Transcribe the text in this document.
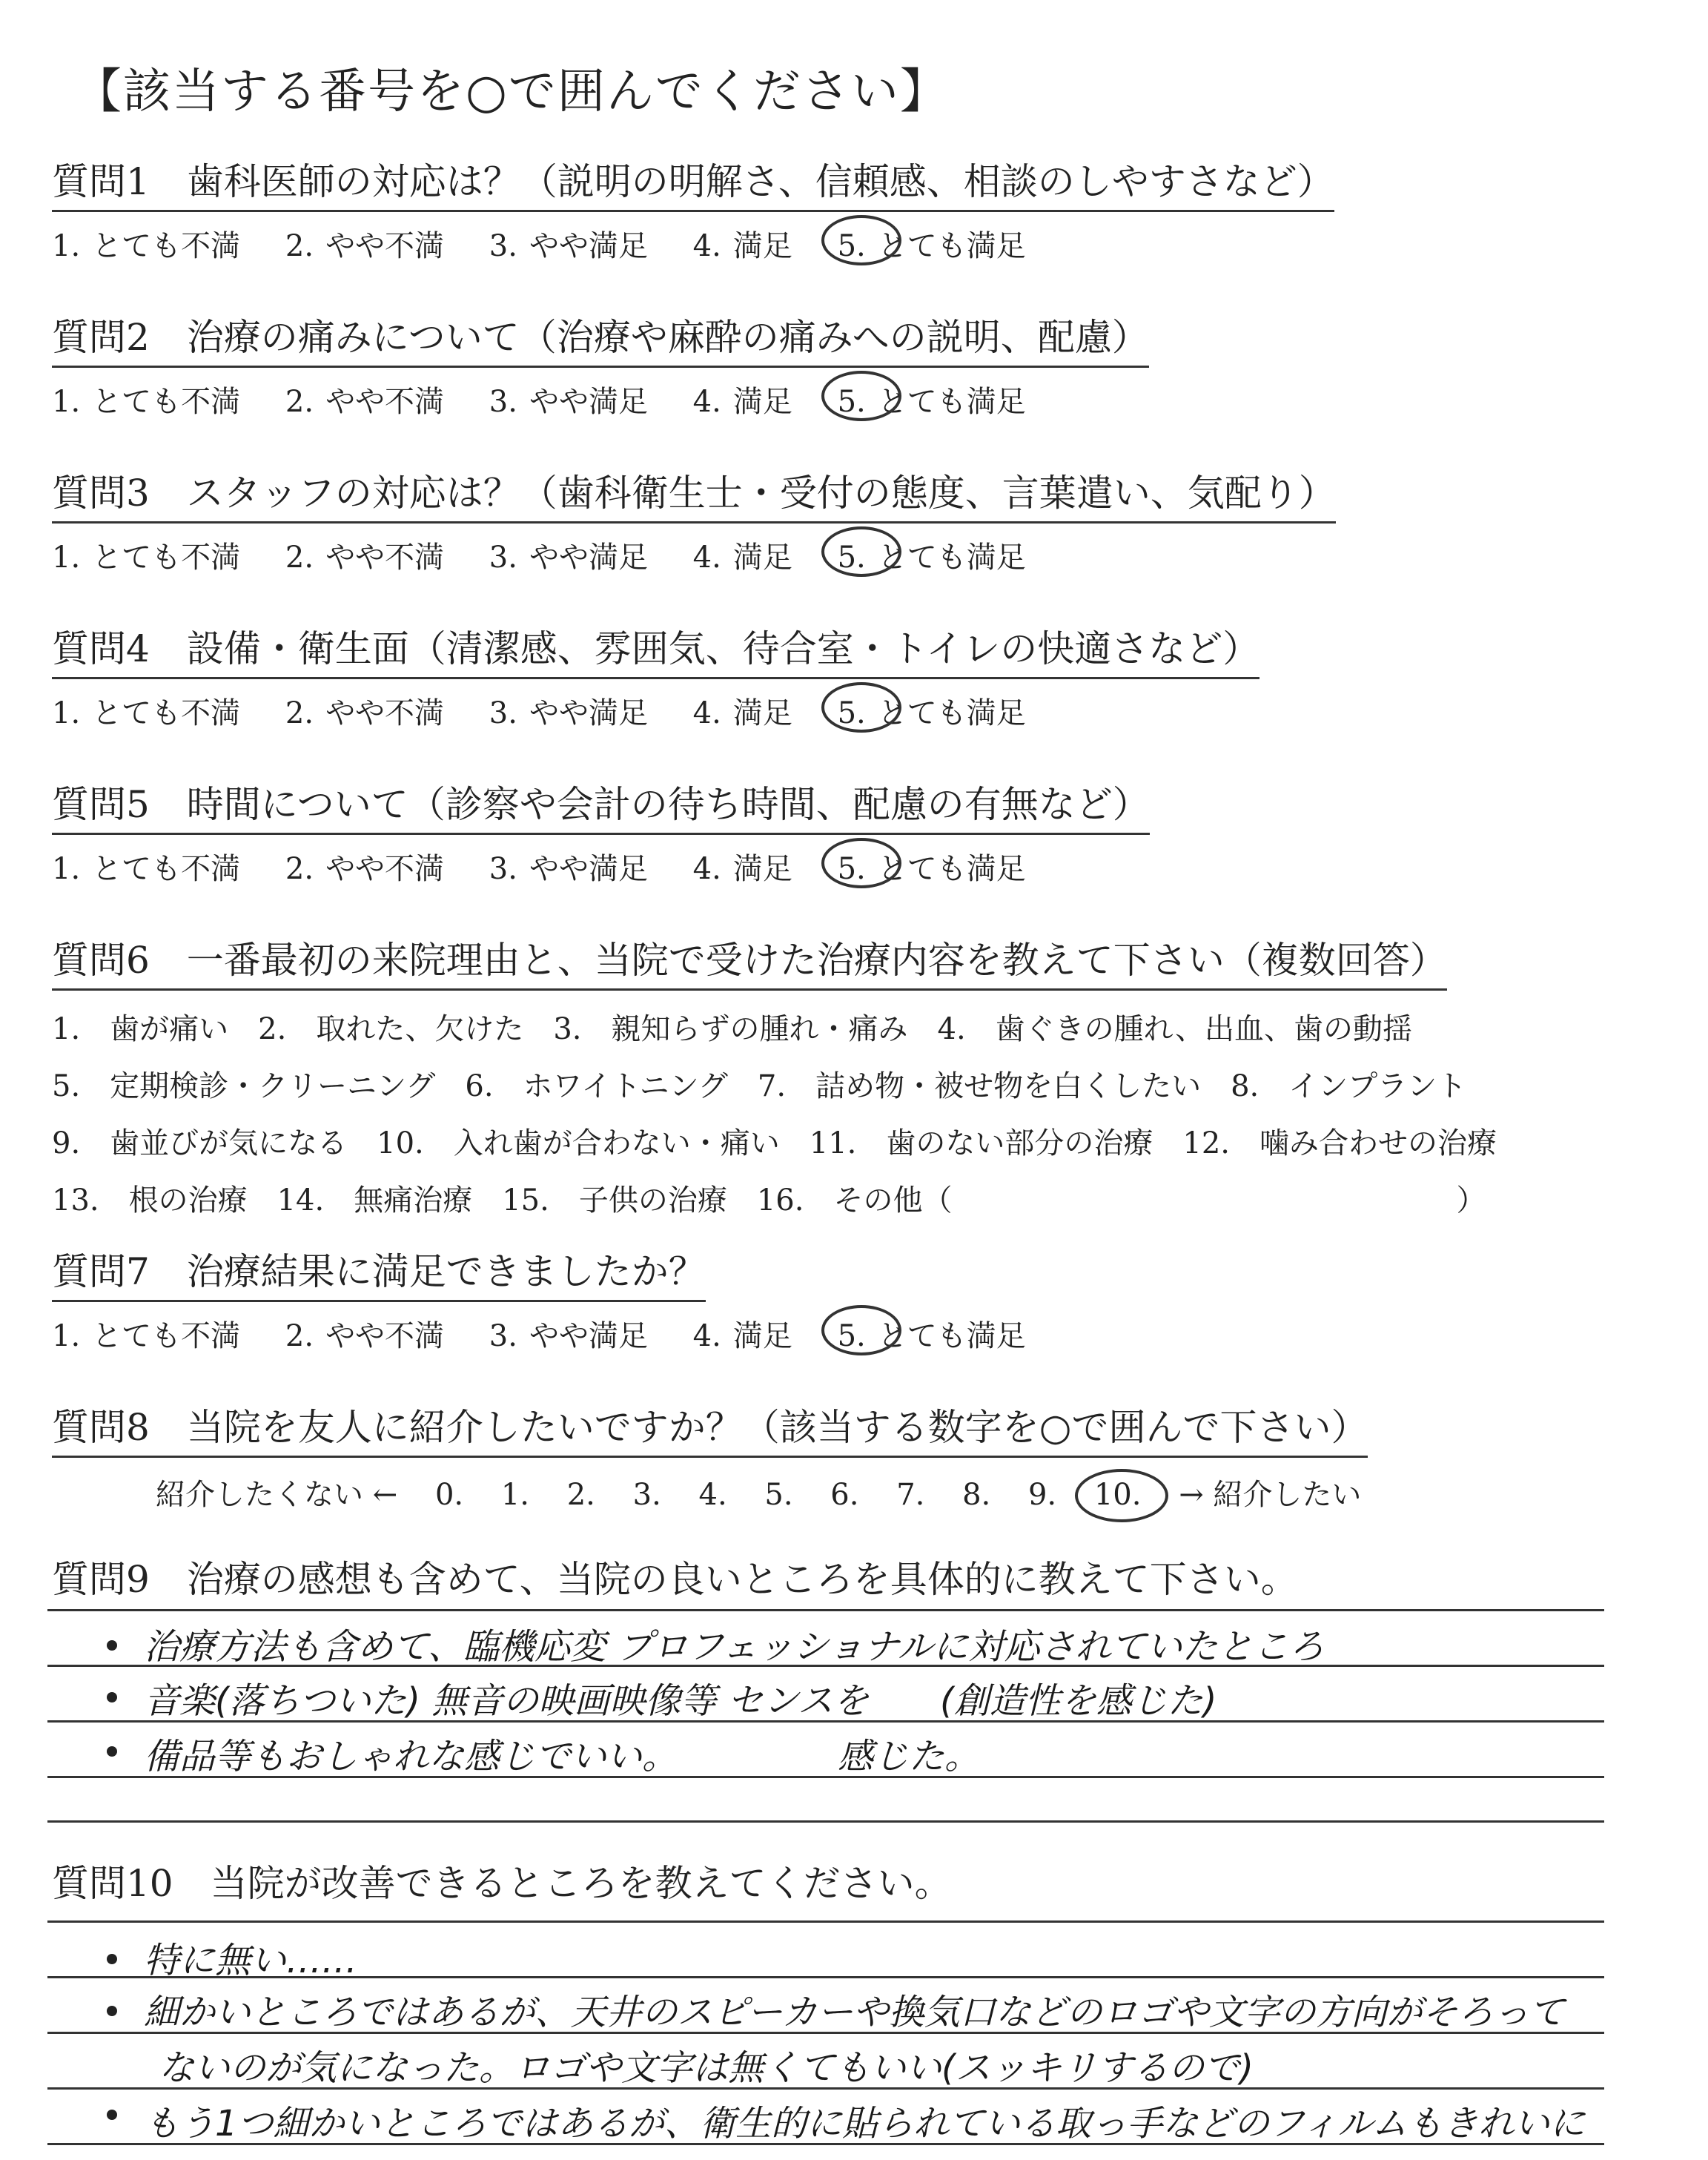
【該当する番号を○で囲んでください】
質問1　歯科医師の対応は？（説明の明解さ、信頼感、相談のしやすさなど）
1. とても不満 2. やや不満 3. やや満足 4. 満足 5. とても満足
質問2　治療の痛みについて（治療や麻酔の痛みへの説明、配慮）
1. とても不満 2. やや不満 3. やや満足 4. 満足 5. とても満足
質問3　スタッフの対応は？（歯科衛生士・受付の態度、言葉遣い、気配り）
1. とても不満 2. やや不満 3. やや満足 4. 満足 5. とても満足
質問4　設備・衛生面（清潔感、雰囲気、待合室・トイレの快適さなど）
1. とても不満 2. やや不満 3. やや満足 4. 満足 5. とても満足
質問5　時間について（診察や会計の待ち時間、配慮の有無など）
1. とても不満 2. やや不満 3. やや満足 4. 満足 5. とても満足
質問6　一番最初の来院理由と、当院で受けた治療内容を教えて下さい（複数回答）
1.　歯が痛い　2.　取れた、欠けた　3.　親知らずの腫れ・痛み　4.　歯ぐきの腫れ、出血、歯の動揺
5.　定期検診・クリーニング　6.　ホワイトニング　7.　詰め物・被せ物を白くしたい　8.　インプラント
9.　歯並びが気になる　10.　入れ歯が合わない・痛い　11.　歯のない部分の治療　12.　噛み合わせの治療
13.　根の治療　14.　無痛治療　15.　子供の治療　16.　その他（　　　　　　　　　　　　　　　　　）
質問7　治療結果に満足できましたか？
1. とても不満 2. やや不満 3. やや満足 4. 満足 5. とても満足
質問8　当院を友人に紹介したいですか？（該当する数字を○で囲んで下さい）
紹介したくない ← 0. 1. 2. 3. 4. 5. 6. 7. 8. 9. 10. → 紹介したい
質問9　治療の感想も含めて、当院の良いところを具体的に教えて下さい。
治療方法も含めて、臨機応変 プロフェッショナルに対応されていたところ
音楽(落ちついた) 無音の映画映像等 センスを　　(創造性を感じた)
備品等もおしゃれな感じでいい。　　　　　感じた。
質問10　当院が改善できるところを教えてください。
特に無い……
細かいところではあるが、天井のスピーカーや換気口などのロゴや文字の方向がそろって
ないのが気になった。ロゴや文字は無くてもいい(スッキリするので)
もう1つ細かいところではあるが、衛生的に貼られている取っ手などのフィルムもきれいに
